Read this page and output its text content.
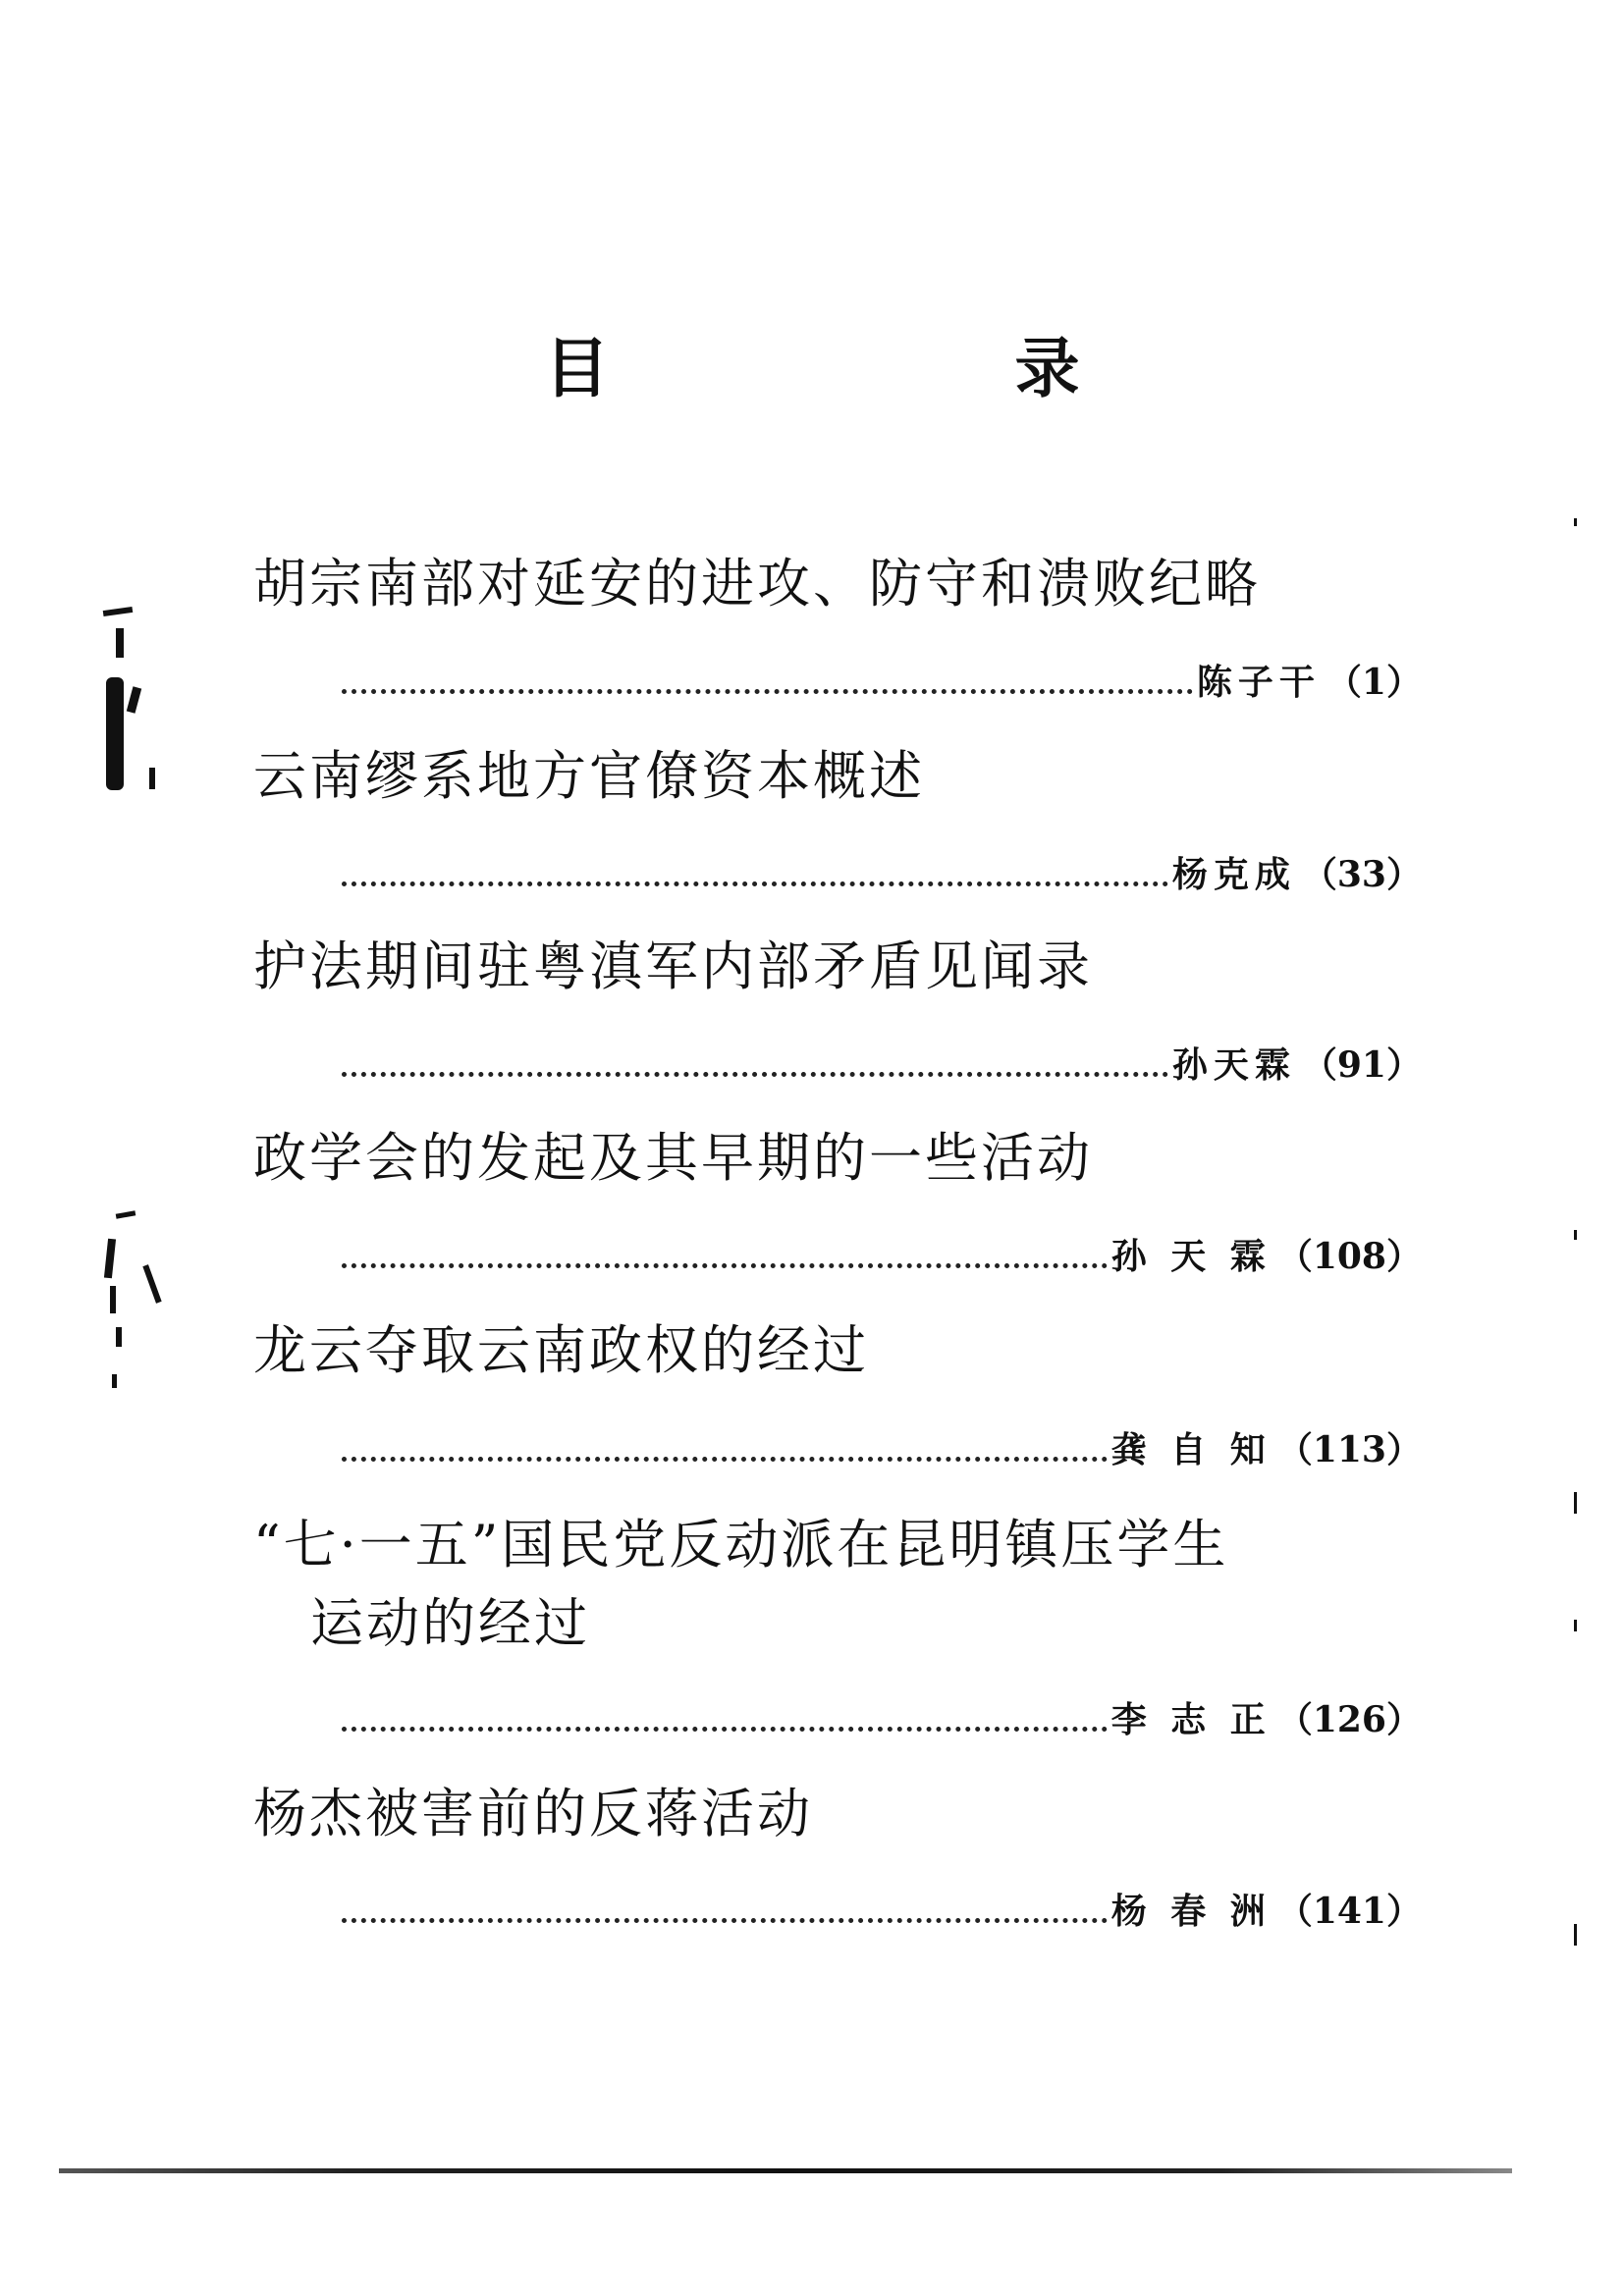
目 录
胡宗南部对延安的进攻、防守和溃败纪略
陈子干	（ 1 ）
云南缪系地方官僚资本概述
杨克成	（ 33 ）
护法期间驻粤滇军内部矛盾见闻录
孙天霖	（ 91 ）
政学会的发起及其早期的一些活动
孙 天 霖	（ 108 ）
龙云夺取云南政权的经过
龚 自 知	（ 113 ）
“七·一五”国民党反动派在昆明镇压学生
运动的经过
李 志 正	（ 126 ）
杨杰被害前的反蒋活动
杨 春 洲	（ 141 ）
